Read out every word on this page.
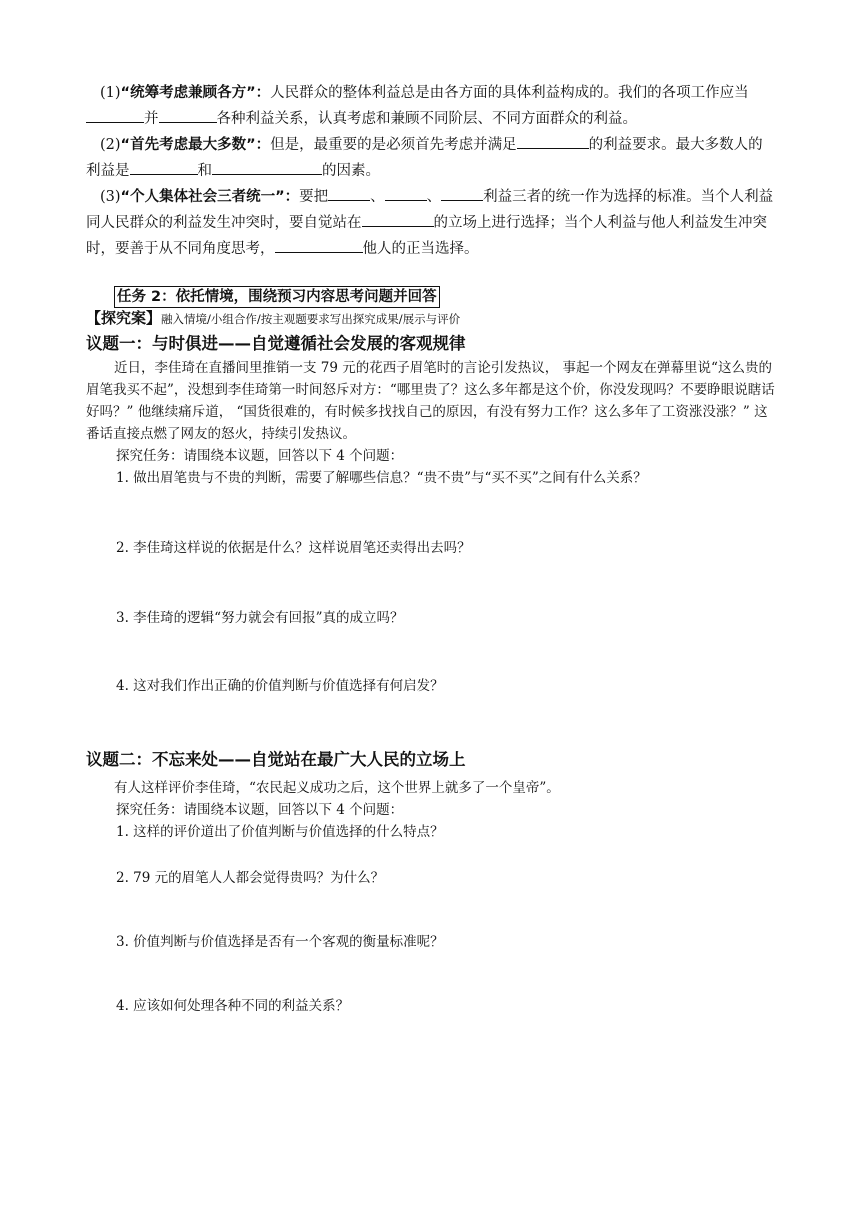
(1)“统筹考虑兼顾各方”：人民群众的整体利益总是由各方面的具体利益构成的。我们的各项工作应当并	各种利益关系，认真考虑和兼顾不同阶层、不同方面群众的利益。

(2)“首先考虑最大多数”：但是，最重要的是必须首先考虑并满足	的利益要求。最大多数人的利益是	和	的因素。

(3)“个人集体社会三者统一”：要把	、	、	利益三者的统一作为选择的标准。当个人利益同人民群众的利益发生冲突时，要自觉站在	的立场上进行选择；当个人利益与他人利益发生冲突时，要善于从不同角度思考，	他人的正当选择。

任务 2：依托情境，围绕预习内容思考问题并回答
【探究案】融入情境/小组合作/按主观题要求写出探究成果/展示与评价

议题一：与时俱进——自觉遵循社会发展的客观规律

近日，李佳琦在直播间里推销一支 79 元的花西子眉笔时的言论引发热议， 事起一个网友在弹幕里说“这么贵的眉笔我买不起”，没想到李佳琦第一时间怒斥对方：“哪里贵了？这么多年都是这个价，你没发现吗？不要睁眼说瞎话好吗？” 他继续痛斥道， “国货很难的，有时候多找找自己的原因，有没有努力工作？这么多年了工资涨没涨？” 这番话直接点燃了网友的怒火，持续引发热议。

探究任务：请围绕本议题，回答以下 4 个问题：

1. 做出眉笔贵与不贵的判断，需要了解哪些信息？“贵不贵”与“买不买”之间有什么关系？

2. 李佳琦这样说的依据是什么？这样说眉笔还卖得出去吗？

3. 李佳琦的逻辑“努力就会有回报”真的成立吗？

4. 这对我们作出正确的价值判断与价值选择有何启发？

议题二：不忘来处——自觉站在最广大人民的立场上

有人这样评价李佳琦，“农民起义成功之后，这个世界上就多了一个皇帝”。

探究任务：请围绕本议题，回答以下 4 个问题：

1. 这样的评价道出了价值判断与价值选择的什么特点？

2. 79 元的眉笔人人都会觉得贵吗？为什么？

3. 价值判断与价值选择是否有一个客观的衡量标准呢？

4. 应该如何处理各种不同的利益关系？
